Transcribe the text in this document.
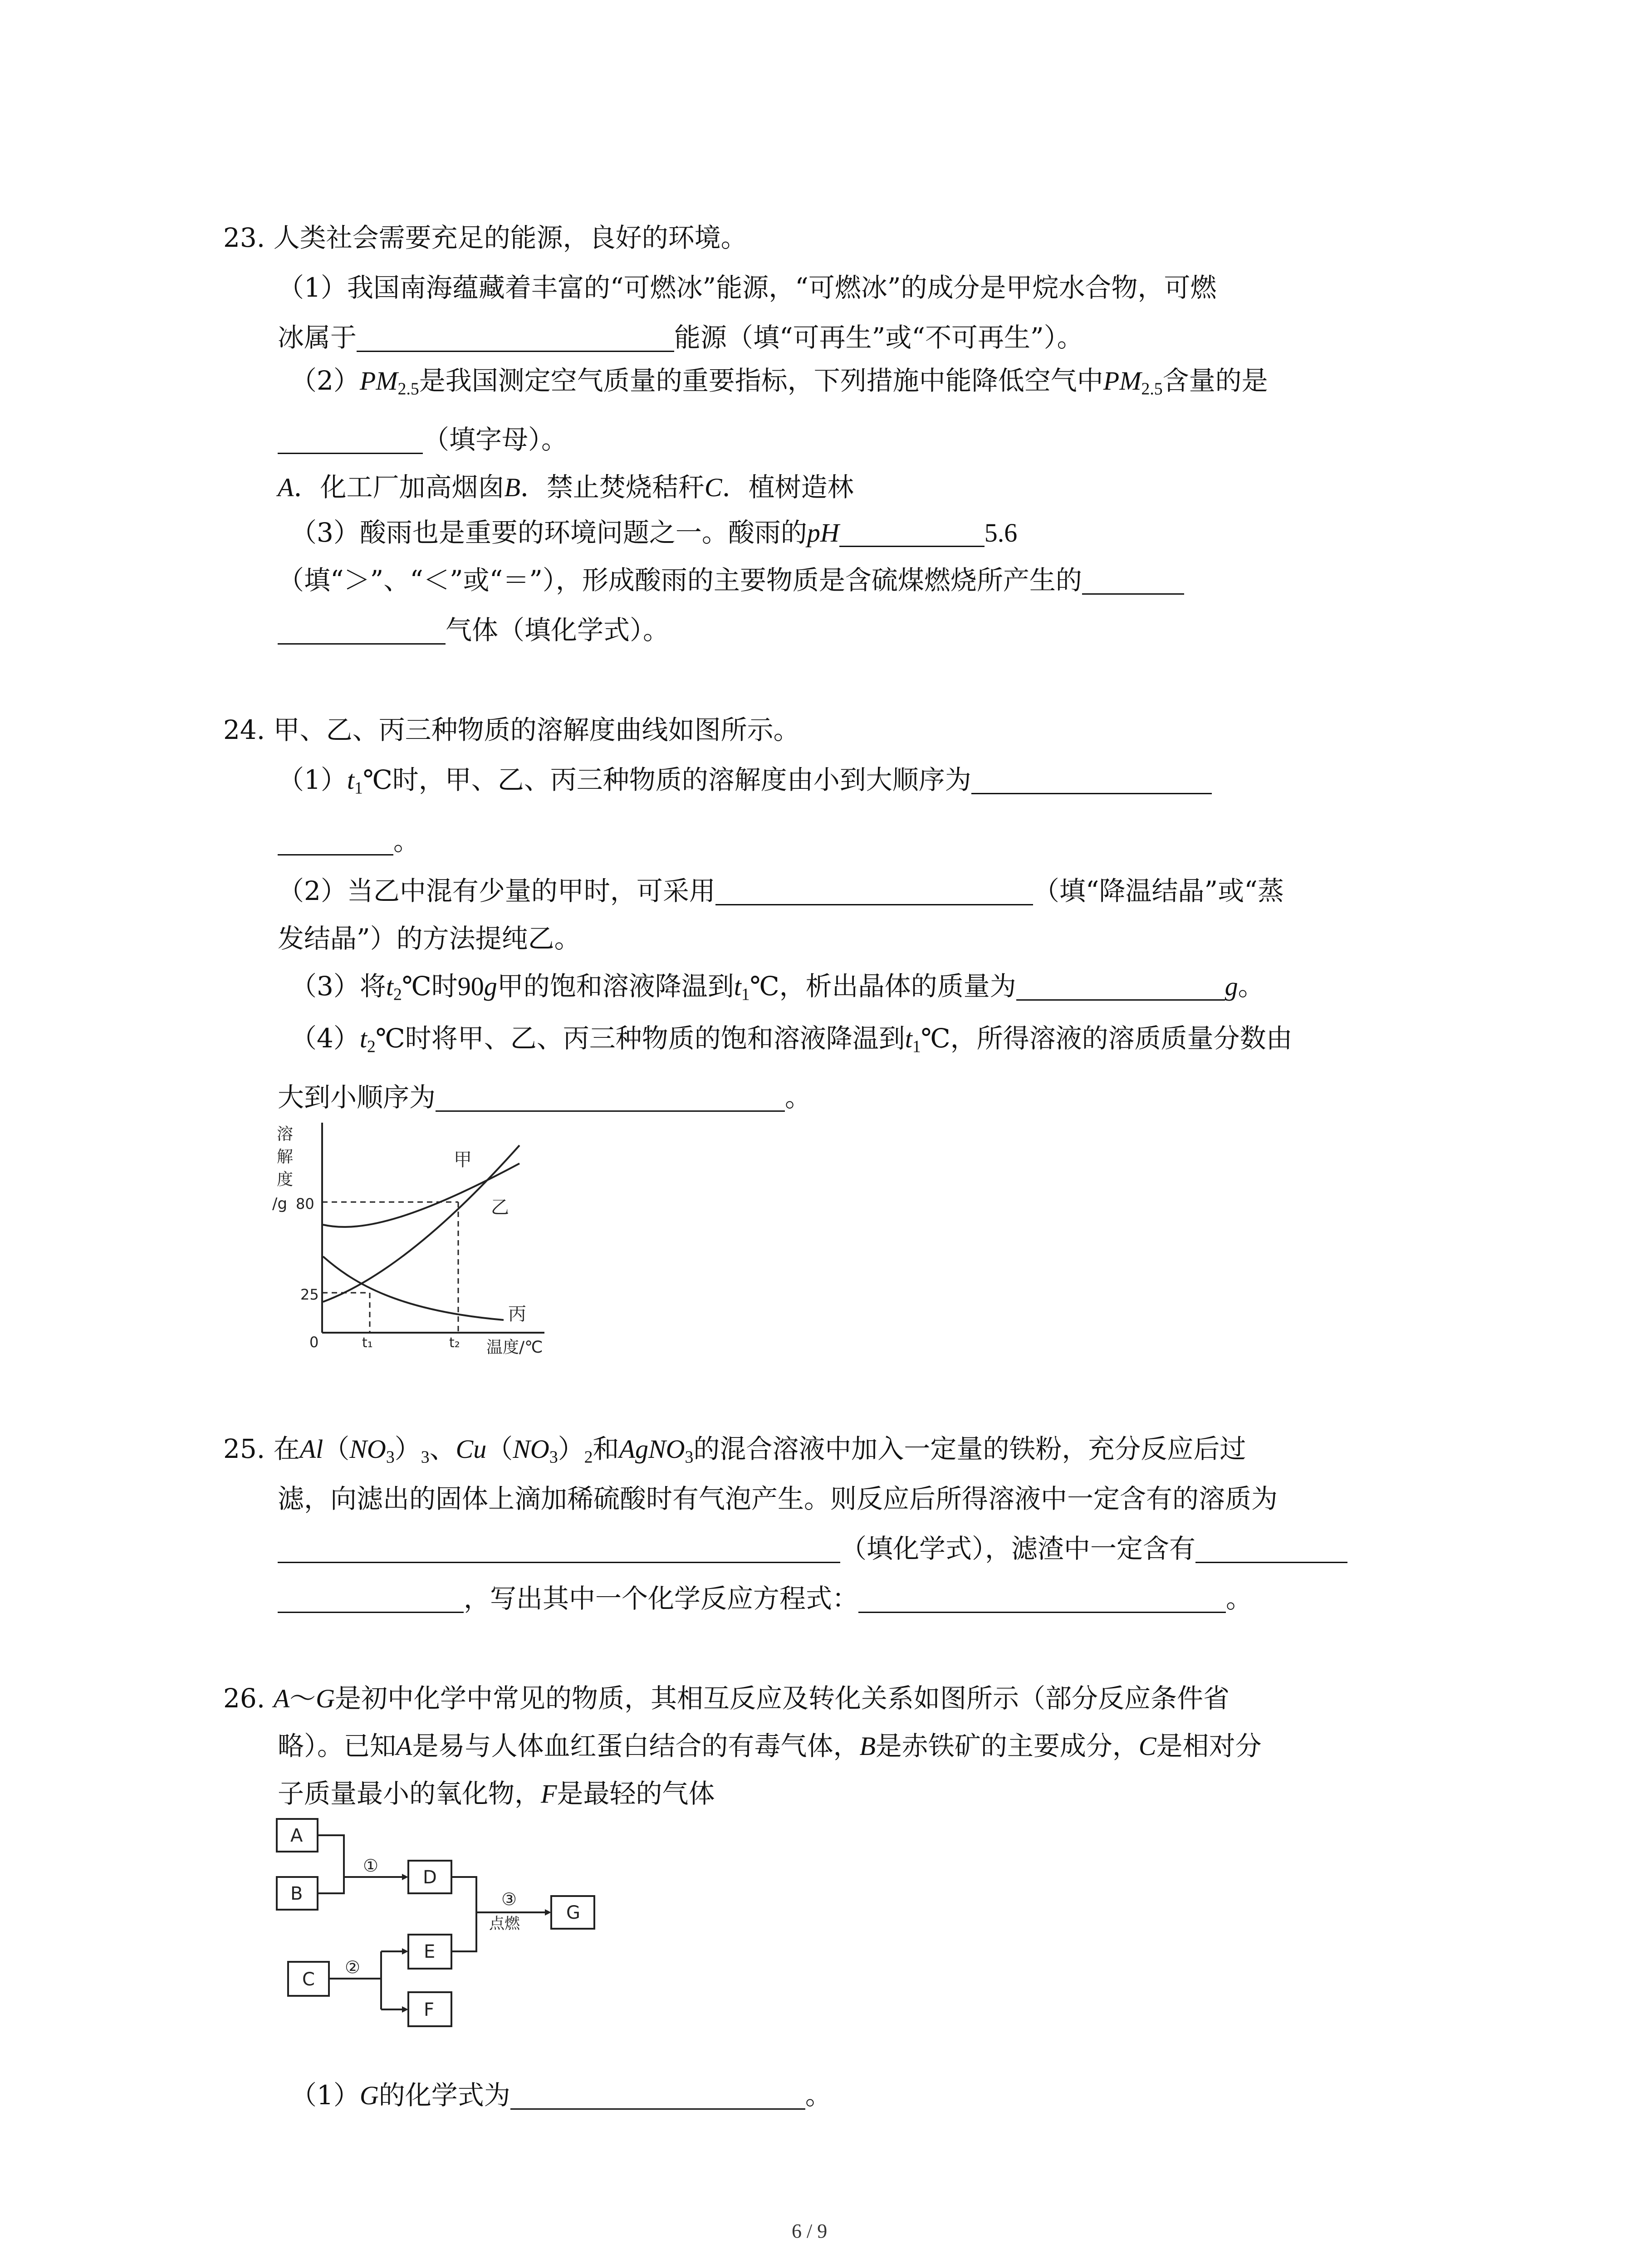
23. 人类社会需要充足的能源，良好的环境。
（1）我国南海蕴藏着丰富的“可燃冰”能源，“可燃冰”的成分是甲烷水合物，可燃
冰属于	能源（填“可再生”或“不可再生”）。
$(2)PM_{2.5}$是我国测定空气质量的重要指标，下列措施中能降低空气中$PM_{2.5}$含量的是
（填字母）。
A．化工厂加高烟囱B．禁止焚烧秸秆C．植树造林
（3）酸雨也是重要的环境问题之一。酸雨的pH	5.6
（填“＞”、“＜”或“＝”），形成酸雨的主要物质是含硫煤燃烧所产生的
气体（填化学式）。
24. 甲、乙、丙三种物质的溶解度曲线如图所示。
$(1)t_1℃$时，甲、乙、丙三种物质的溶解度由小到大顺序为
。
（2）当乙中混有少量的甲时，可采用	（填“降温结晶”或“蒸
发结晶”）的方法提纯乙。
（3）将$t_2℃$时90g甲的饱和溶液降温到$t_1℃$，析出晶体的质量为	g。
$(4)t_2℃$时将甲、乙、丙三种物质的饱和溶液降温到$t_1℃$，所得溶液的溶质质量分数由
大到小顺序为	。
溶
解
度
/g 80
25
0	t₁	t₂ 温度/℃
甲
乙
丙
25. 在$Al(NO_3)_3$、$Cu(NO_3)_2$和AgNO$_3$的混合溶液中加入一定量的铁粉，充分反应后过
滤，向滤出的固体上滴加稀硫酸时有气泡产生。则反应后所得溶液中一定含有的溶质为
（填化学式），滤渣中一定含有
，写出其中一个化学反应方程式：	。
26. A～G是初中化学中常见的物质，其相互反应及转化关系如图所示（部分反应条件省
略）。已知A是易与人体血红蛋白结合的有毒气体，B是赤铁矿的主要成分，C是相对分
子质量最小的氧化物，F是最轻的气体
A
B
D
C
E
F
G
①
②
③
点燃
（1）G的化学式为	。
6 / 9
